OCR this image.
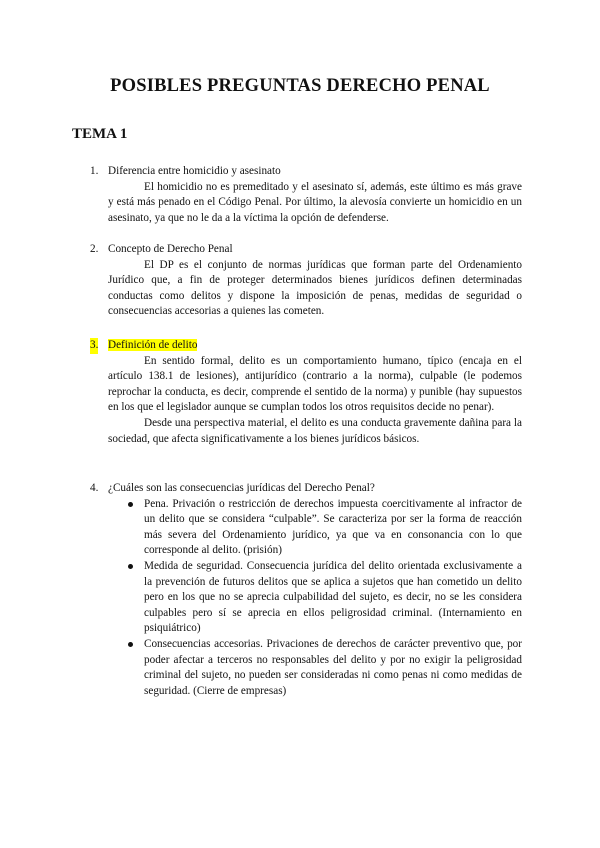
POSIBLES PREGUNTAS DERECHO PENAL
TEMA 1
1. Diferencia entre homicidio y asesinato

El homicidio no es premeditado y el asesinato sí, además, este último es más grave y está más penado en el Código Penal. Por último, la alevosía convierte un homicidio en un asesinato, ya que no le da a la víctima la opción de defenderse.

2. Concepto de Derecho Penal

El DP es el conjunto de normas jurídicas que forman parte del Ordenamiento Jurídico que, a fin de proteger determinados bienes jurídicos definen determinadas conductas como delitos y dispone la imposición de penas, medidas de seguridad o consecuencias accesorias a quienes las cometen.

3. Definición de delito

En sentido formal, delito es un comportamiento humano, típico (encaja en el artículo 138.1 de lesiones), antijurídico (contrario a la norma), culpable (le podemos reprochar la conducta, es decir, comprende el sentido de la norma) y punible (hay supuestos en los que el legislador aunque se cumplan todos los otros requisitos decide no penar).

Desde una perspectiva material, el delito es una conducta gravemente dañina para la sociedad, que afecta significativamente a los bienes jurídicos básicos.

4. ¿Cuáles son las consecuencias jurídicas del Derecho Penal?
Pena. Privación o restricción de derechos impuesta coercitivamente al infractor de un delito que se considera “culpable”. Se caracteriza por ser la forma de reacción más severa del Ordenamiento jurídico, ya que va en consonancia con lo que corresponde al delito. (prisión)
Medida de seguridad. Consecuencia jurídica del delito orientada exclusivamente a la prevención de futuros delitos que se aplica a sujetos que han cometido un delito pero en los que no se aprecia culpabilidad del sujeto, es decir, no se les considera culpables pero sí se aprecia en ellos peligrosidad criminal. (Internamiento en psiquiátrico)
Consecuencias accesorias. Privaciones de derechos de carácter preventivo que, por poder afectar a terceros no responsables del delito y por no exigir la peligrosidad criminal del sujeto, no pueden ser consideradas ni como penas ni como medidas de seguridad. (Cierre de empresas)
